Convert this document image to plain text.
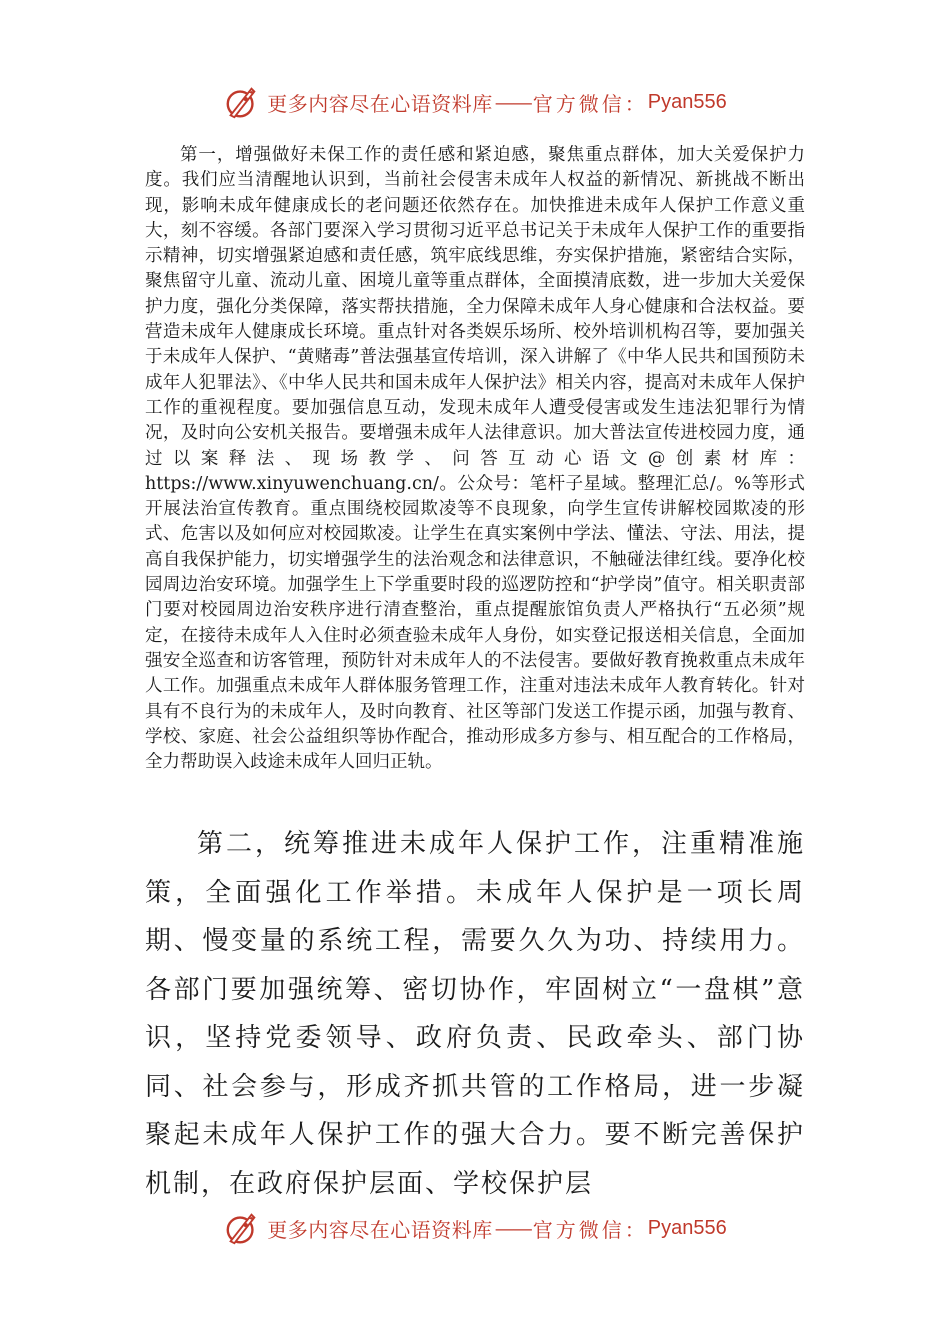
更多内容尽在心语资料库 —— 官方微信： Pyan556

第一，增强做好未保工作的责任感和紧迫感，聚焦重点群体，加大关爱保护力度。我们应当清醒地认识到，当前社会侵害未成年人权益的新情况、新挑战不断出现，影响未成年健康成长的老问题还依然存在。加快推进未成年人保护工作意义重大，刻不容缓。各部门要深入学习贯彻习近平总书记关于未成年人保护工作的重要指示精神，切实增强紧迫感和责任感，筑牢底线思维，夯实保护措施，紧密结合实际，聚焦留守儿童、流动儿童、困境儿童等重点群体，全面摸清底数，进一步加大关爱保护力度，强化分类保障，落实帮扶措施，全力保障未成年人身心健康和合法权益。要营造未成年人健康成长环境。重点针对各类娱乐场所、校外培训机构召等，要加强关于未成年人保护、“黄赌毒”普法强基宣传培训，深入讲解了《中华人民共和国预防未成年人犯罪法》、《中华人民共和国未成年人保护法》相关内容，提高对未成年人保护工作的重视程度。要加强信息互动，发现未成年人遭受侵害或发生违法犯罪行为情况，及时向公安机关报告。要增强未成年人法律意识。加大普法宣传进校园力度，通过以案释法、现场教学、问答互动心语文@创素材库：https://www.xinyuwenchuang.cn/。公众号：笔杆子星域。整理汇总/。%等形式开展法治宣传教育。重点围绕校园欺凌等不良现象，向学生宣传讲解校园欺凌的形式、危害以及如何应对校园欺凌。让学生在真实案例中学法、懂法、守法、用法，提高自我保护能力，切实增强学生的法治观念和法律意识，不触碰法律红线。要净化校园周边治安环境。加强学生上下学重要时段的巡逻防控和“护学岗”值守。相关职责部门要对校园周边治安秩序进行清查整治，重点提醒旅馆负责人严格执行“五必须”规定，在接待未成年人入住时必须查验未成年人身份，如实登记报送相关信息，全面加强安全巡查和访客管理，预防针对未成年人的不法侵害。要做好教育挽救重点未成年人工作。加强重点未成年人群体服务管理工作，注重对违法未成年人教育转化。针对具有不良行为的未成年人，及时向教育、社区等部门发送工作提示函，加强与教育、学校、家庭、社会公益组织等协作配合，推动形成多方参与、相互配合的工作格局，全力帮助误入歧途未成年人回归正轨。

第二，统筹推进未成年人保护工作，注重精准施策，全面强化工作举措。未成年人保护是一项长周期、慢变量的系统工程，需要久久为功、持续用力。各部门要加强统筹、密切协作，牢固树立“一盘棋”意识，坚持党委领导、政府负责、民政牵头、部门协同、社会参与，形成齐抓共管的工作格局，进一步凝聚起未成年人保护工作的强大合力。要不断完善保护机制，在政府保护层面、学校保护层

更多内容尽在心语资料库 —— 官方微信： Pyan556
